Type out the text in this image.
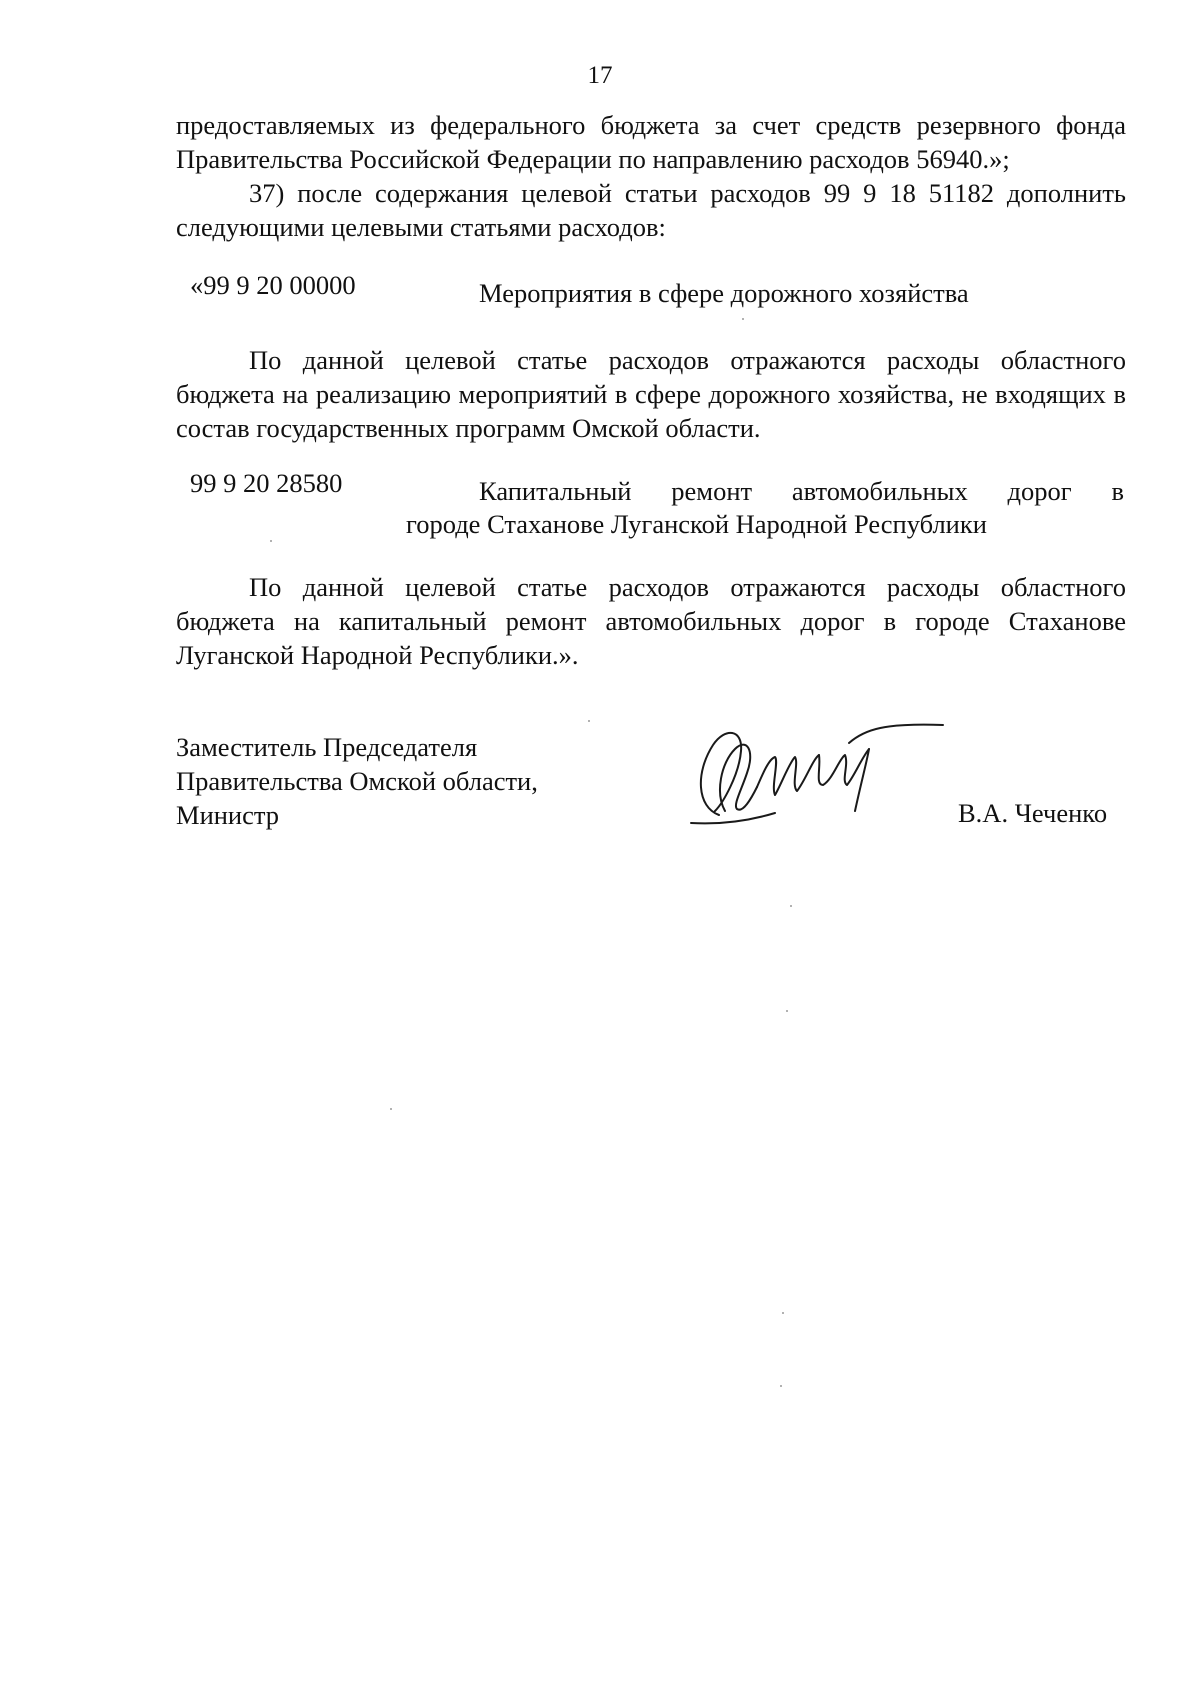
17
предоставляемых из федерального бюджета за счет средств резервного фонда Правительства Российской Федерации по направлению расходов 56940.»;
37) после содержания целевой статьи расходов 99 9 18 51182 дополнить следующими целевыми статьями расходов:
«99 9 20 00000	Мероприятия в сфере дорожного хозяйства
По данной целевой статье расходов отражаются расходы областного бюджета на реализацию мероприятий в сфере дорожного хозяйства, не входящих в состав государственных программ Омской области.
99 9 20 28580	Капитальный ремонт автомобильных дорог в
городе Стаханове Луганской Народной Республики
По данной целевой статье расходов отражаются расходы областного бюджета на капитальный ремонт автомобильных дорог в городе Стаханове Луганской Народной Республики.».
Заместитель Председателя
Правительства Омской области,
Министр	В.А. Чеченко
